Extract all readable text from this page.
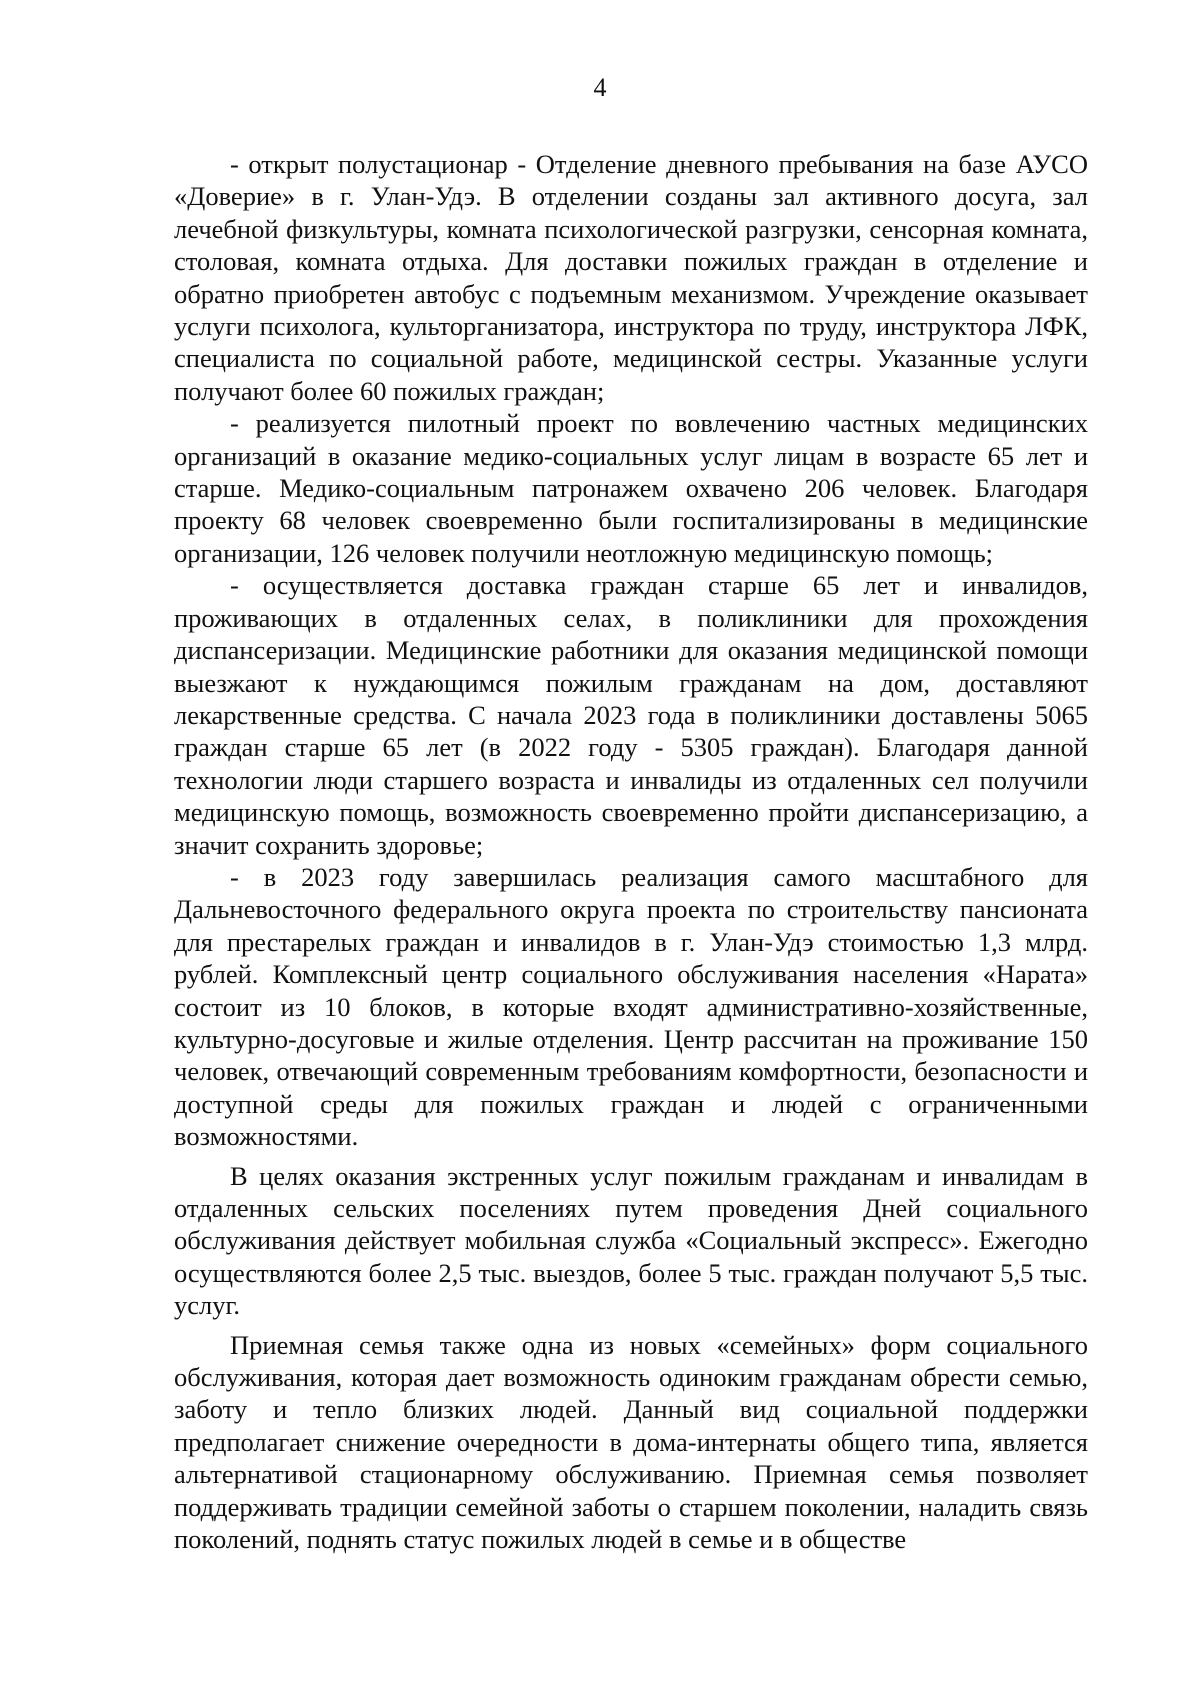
4

- открыт полустационар - Отделение дневного пребывания на базе АУСО «Доверие» в г. Улан-Удэ. В отделении созданы зал активного досуга, зал лечебной физкультуры, комната психологической разгрузки, сенсорная комната, столовая, комната отдыха. Для доставки пожилых граждан в отделение и обратно приобретен автобус с подъемным механизмом. Учреждение оказывает услуги психолога, культорганизатора, инструктора по труду, инструктора ЛФК, специалиста по социальной работе, медицинской сестры. Указанные услуги получают более 60 пожилых граждан;

- реализуется пилотный проект по вовлечению частных медицинских организаций в оказание медико-социальных услуг лицам в возрасте 65 лет и старше. Медико-социальным патронажем охвачено 206 человек. Благодаря проекту 68 человек своевременно были госпитализированы в медицинские организации, 126 человек получили неотложную медицинскую помощь;

- осуществляется доставка граждан старше 65 лет и инвалидов, проживающих в отдаленных селах, в поликлиники для прохождения диспансеризации. Медицинские работники для оказания медицинской помощи выезжают к нуждающимся пожилым гражданам на дом, доставляют лекарственные средства. С начала 2023 года в поликлиники доставлены 5065 граждан старше 65 лет (в 2022 году - 5305 граждан). Благодаря данной технологии люди старшего возраста и инвалиды из отдаленных сел получили медицинскую помощь, возможность своевременно пройти диспансеризацию, а значит сохранить здоровье;

- в 2023 году завершилась реализация самого масштабного для Дальневосточного федерального округа проекта по строительству пансионата для престарелых граждан и инвалидов в г. Улан-Удэ стоимостью 1,3 млрд. рублей. Комплексный центр социального обслуживания населения «Нарата» состоит из 10 блоков, в которые входят административно-хозяйственные, культурно-досуговые и жилые отделения. Центр рассчитан на проживание 150 человек, отвечающий современным требованиям комфортности, безопасности и доступной среды для пожилых граждан и людей с ограниченными возможностями.

В целях оказания экстренных услуг пожилым гражданам и инвалидам в отдаленных сельских поселениях путем проведения Дней социального обслуживания действует мобильная служба «Социальный экспресс». Ежегодно осуществляются более 2,5 тыс. выездов, более 5 тыс. граждан получают 5,5 тыс. услуг.

Приемная семья также одна из новых «семейных» форм социального обслуживания, которая дает возможность одиноким гражданам обрести семью, заботу и тепло близких людей. Данный вид социальной поддержки предполагает снижение очередности в дома-интернаты общего типа, является альтернативой стационарному обслуживанию. Приемная семья позволяет поддерживать традиции семейной заботы о старшем поколении, наладить связь поколений, поднять статус пожилых людей в семье и в обществе
